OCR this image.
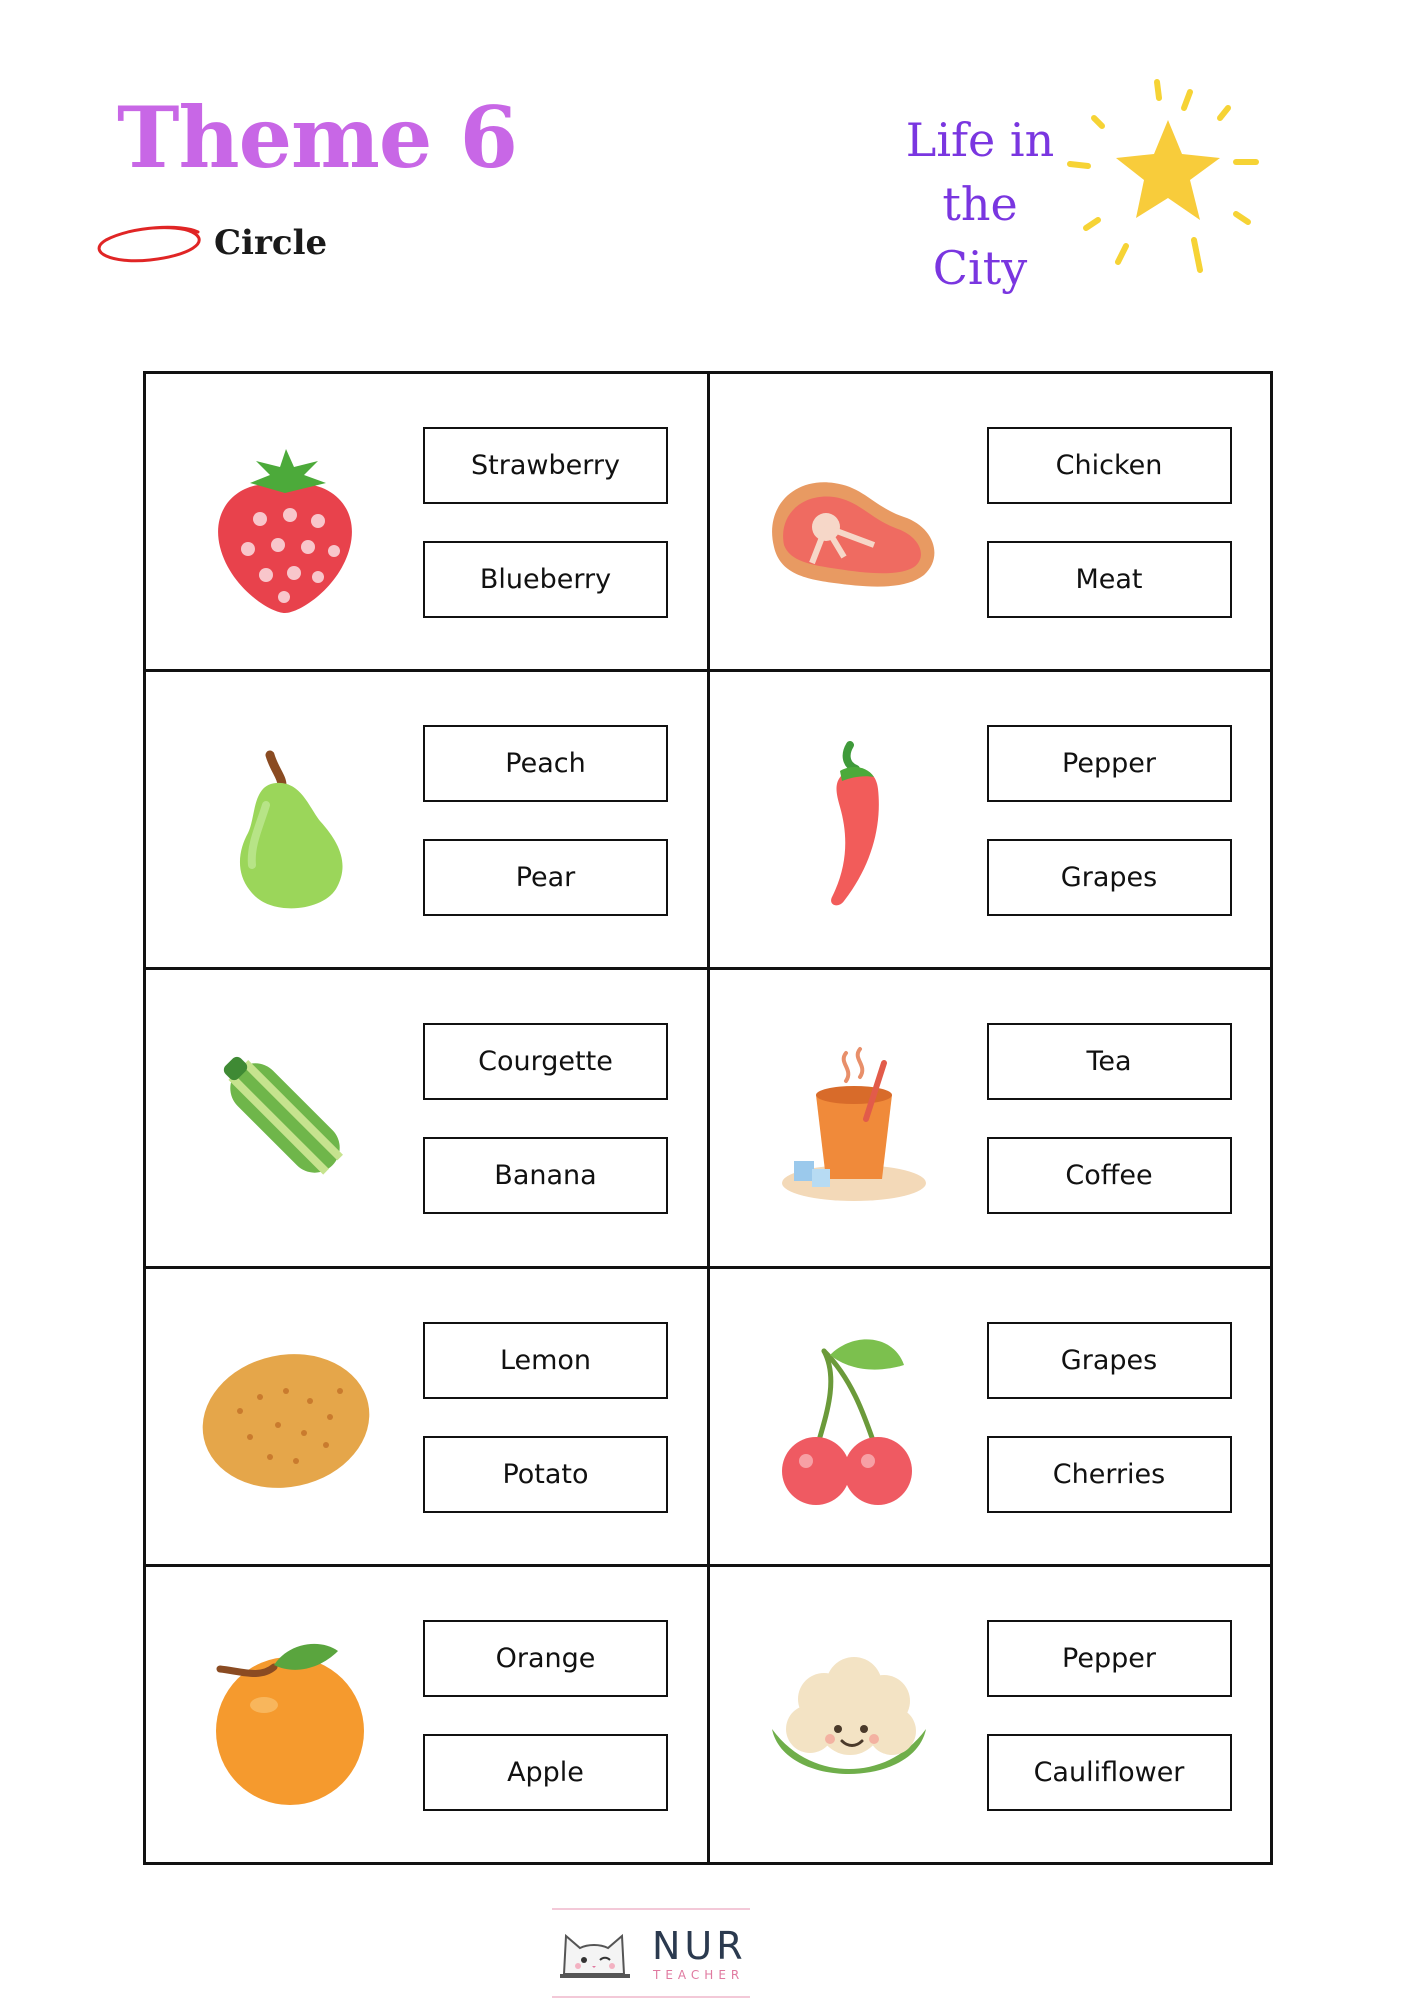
Theme 6
Circle
Life in the
City
Strawberry
Blueberry
Chicken
Meat
Peach
Pear
Pepper
Grapes
Courgette
Banana
Tea
Coffee
Lemon
Potato
Grapes
Cherries
Orange
Apple
Pepper
Cauliflower
NUR
TEACHER
